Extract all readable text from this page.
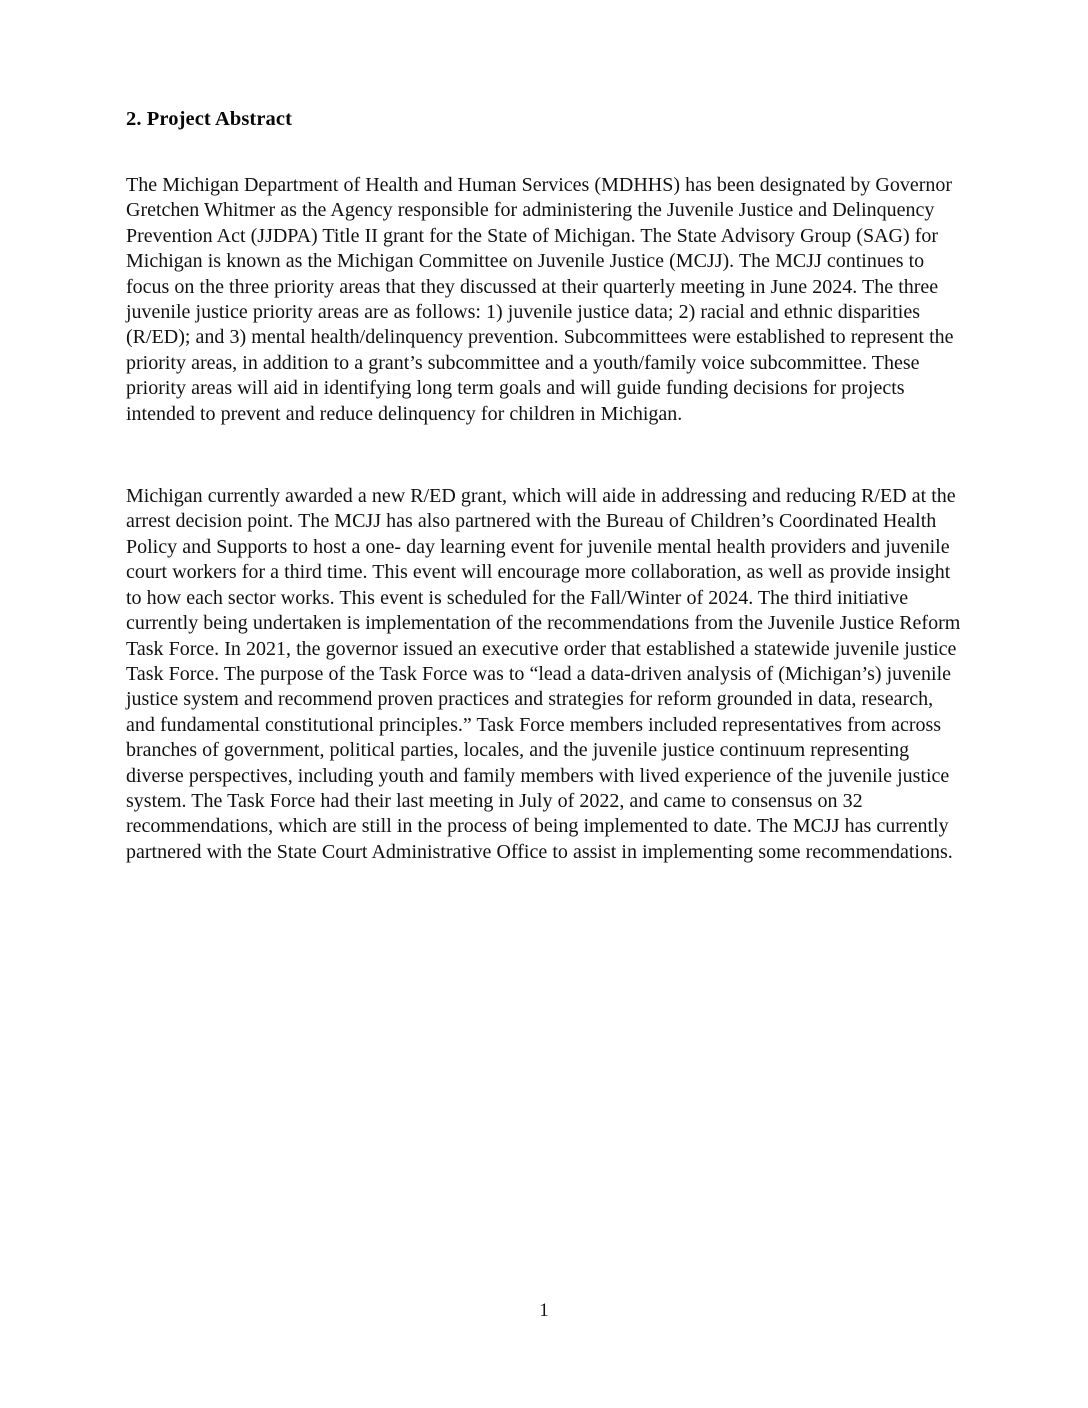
2. Project Abstract

The Michigan Department of Health and Human Services (MDHHS) has been designated by Governor Gretchen Whitmer as the Agency responsible for administering the Juvenile Justice and Delinquency Prevention Act (JJDPA) Title II grant for the State of Michigan. The State Advisory Group (SAG) for Michigan is known as the Michigan Committee on Juvenile Justice (MCJJ). The MCJJ continues to focus on the three priority areas that they discussed at their quarterly meeting in June 2024. The three juvenile justice priority areas are as follows: 1) juvenile justice data; 2) racial and ethnic disparities (R/ED); and 3) mental health/delinquency prevention. Subcommittees were established to represent the priority areas, in addition to a grant’s subcommittee and a youth/family voice subcommittee. These priority areas will aid in identifying long term goals and will guide funding decisions for projects intended to prevent and reduce delinquency for children in Michigan.

Michigan currently awarded a new R/ED grant, which will aide in addressing and reducing R/ED at the arrest decision point. The MCJJ has also partnered with the Bureau of Children’s Coordinated Health Policy and Supports to host a one- day learning event for juvenile mental health providers and juvenile court workers for a third time. This event will encourage more collaboration, as well as provide insight to how each sector works. This event is scheduled for the Fall/Winter of 2024. The third initiative currently being undertaken is implementation of the recommendations from the Juvenile Justice Reform Task Force. In 2021, the governor issued an executive order that established a statewide juvenile justice Task Force. The purpose of the Task Force was to “lead a data-driven analysis of (Michigan’s) juvenile justice system and recommend proven practices and strategies for reform grounded in data, research, and fundamental constitutional principles.” Task Force members included representatives from across branches of government, political parties, locales, and the juvenile justice continuum representing diverse perspectives, including youth and family members with lived experience of the juvenile justice system. The Task Force had their last meeting in July of 2022, and came to consensus on 32 recommendations, which are still in the process of being implemented to date. The MCJJ has currently partnered with the State Court Administrative Office to assist in implementing some recommendations.

1
